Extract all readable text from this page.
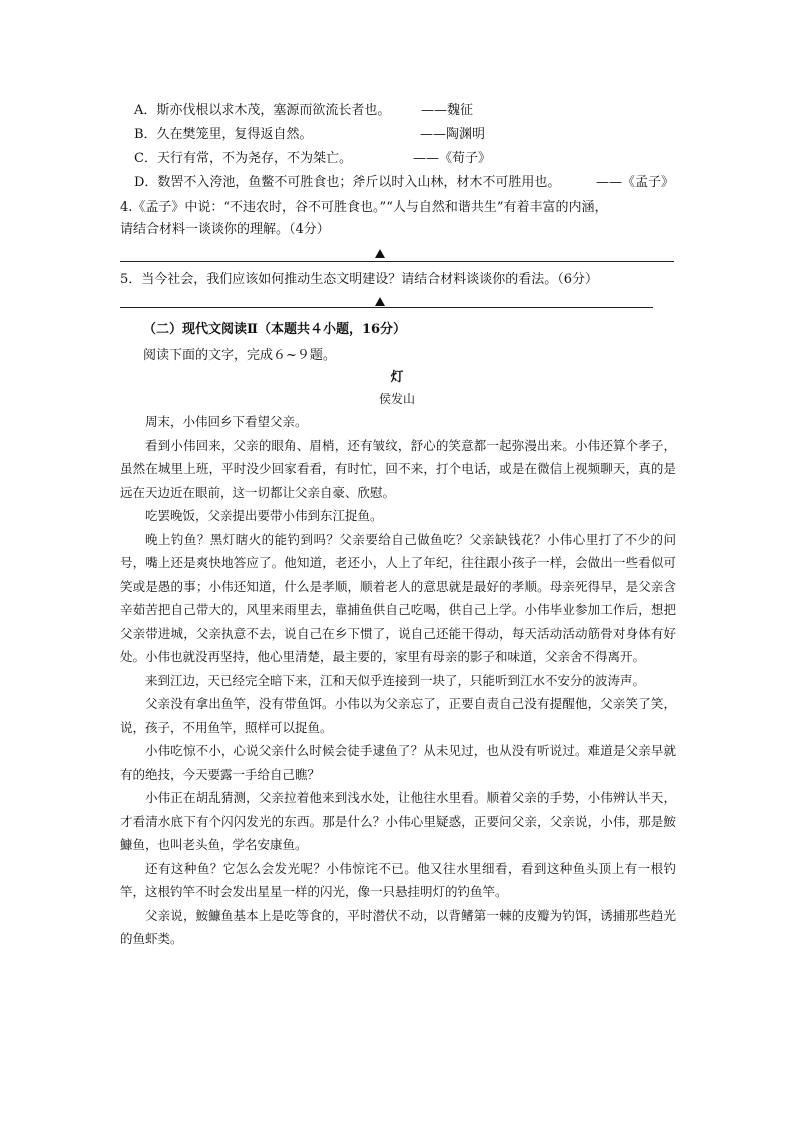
A．斯亦伐根以求木茂，塞源而欲流长者也。 ——魏征
B．久在樊笼里，复得返自然。	——陶渊明
C．天行有常，不为尧存，不为桀亡。	——《荀子》
D．数罟不入洿池，鱼鳖不可胜食也；斧斤以时入山林，材木不可胜用也。	——《孟子》
4.《孟子》中说：“不违农时，谷不可胜食也。”“人与自然和谐共生”有着丰富的内涵，
请结合材料一谈谈你的理解。（4分）
5．当今社会，我们应该如何推动生态文明建设？请结合材料谈谈你的看法。（6分）
（二）现代文阅读Ⅱ（本题共４小题，16分）
阅读下面的文字，完成６~９题。
灯
侯发山

周末，小伟回乡下看望父亲。

看到小伟回来，父亲的眼角、眉梢，还有皱纹，舒心的笑意都一起弥漫出来。小伟还算个孝子，虽然在城里上班，平时没少回家看看，有时忙，回不来，打个电话，或是在微信上视频聊天，真的是远在天边近在眼前，这一切都让父亲自豪、欣慰。

吃罢晚饭，父亲提出要带小伟到东江捉鱼。

晚上钓鱼？黑灯瞎火的能钓到吗？父亲要给自己做鱼吃？父亲缺钱花？小伟心里打了不少的问号，嘴上还是爽快地答应了。他知道，老还小，人上了年纪，往往跟小孩子一样，会做出一些看似可笑或是愚的事；小伟还知道，什么是孝顺，顺着老人的意思就是最好的孝顺。母亲死得早，是父亲含辛茹苦把自己带大的，风里来雨里去，靠捕鱼供自己吃喝，供自己上学。小伟毕业参加工作后，想把父亲带进城，父亲执意不去，说自己在乡下惯了，说自己还能干得动，每天活动活动筋骨对身体有好处。小伟也就没再坚持，他心里清楚，最主要的，家里有母亲的影子和味道，父亲舍不得离开。

来到江边，天已经完全暗下来，江和天似乎连接到一块了，只能听到江水不安分的波涛声。

父亲没有拿出鱼竿，没有带鱼饵。小伟以为父亲忘了，正要自责自己没有提醒他，父亲笑了笑，说，孩子，不用鱼竿，照样可以捉鱼。

小伟吃惊不小，心说父亲什么时候会徒手逮鱼了？从未见过，也从没有听说过。难道是父亲早就有的绝技，今天要露一手给自己瞧？

小伟正在胡乱猜测，父亲拉着他来到浅水处，让他往水里看。顺着父亲的手势，小伟辨认半天，才看清水底下有个闪闪发光的东西。那是什么？小伟心里疑惑，正要问父亲，父亲说，小伟，那是鮟鱇鱼，也叫老头鱼，学名安康鱼。

还有这种鱼？它怎么会发光呢？小伟惊诧不已。他又往水里细看，看到这种鱼头顶上有一根钓竿，这根钓竿不时会发出星星一样的闪光，像一只悬挂明灯的钓鱼竿。

父亲说，鮟鱇鱼基本上是吃等食的，平时潜伏不动，以背鳍第一棘的皮瓣为钓饵，诱捕那些趋光的鱼虾类。
